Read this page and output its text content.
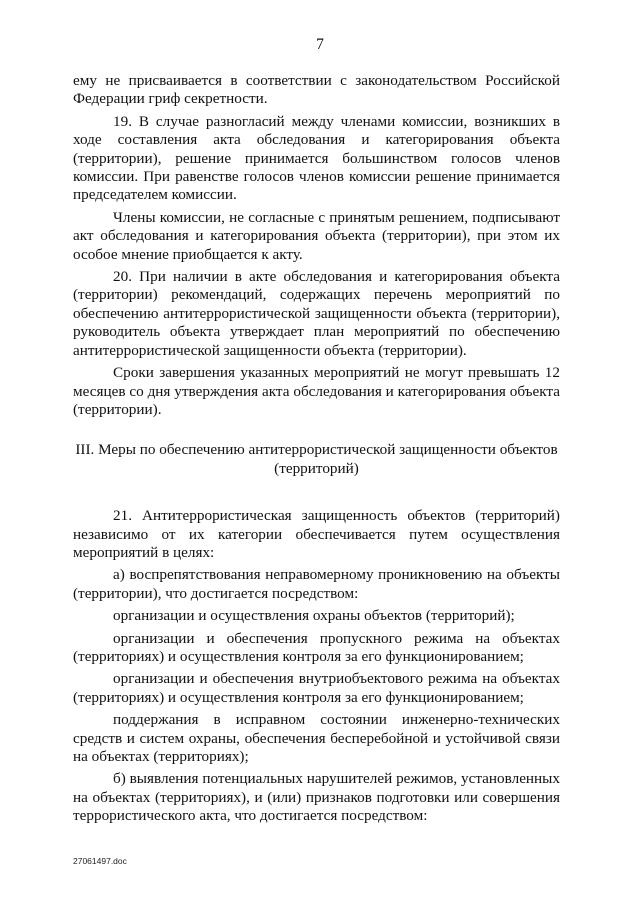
7

ему не присваивается в соответствии с законодательством Российской Федерации гриф секретности.

19. В случае разногласий между членами комиссии, возникших в ходе составления акта обследования и категорирования объекта (территории), решение принимается большинством голосов членов комиссии. При равенстве голосов членов комиссии решение принимается председателем комиссии.

Члены комиссии, не согласные с принятым решением, подписывают акт обследования и категорирования объекта (территории), при этом их особое мнение приобщается к акту.

20. При наличии в акте обследования и категорирования объекта (территории) рекомендаций, содержащих перечень мероприятий по обеспечению антитеррористической защищенности объекта (территории), руководитель объекта утверждает план мероприятий по обеспечению антитеррористической защищенности объекта (территории).

Сроки завершения указанных мероприятий не могут превышать 12 месяцев со дня утверждения акта обследования и категорирования объекта (территории).

III. Меры по обеспечению антитеррористической защищенности объектов
(территорий)

21. Антитеррористическая защищенность объектов (территорий) независимо от их категории обеспечивается путем осуществления мероприятий в целях:

а) воспрепятствования неправомерному проникновению на объекты (территории), что достигается посредством:

организации и осуществления охраны объектов (территорий);

организации и обеспечения пропускного режима на объектах (территориях) и осуществления контроля за его функционированием;

организации и обеспечения внутриобъектового режима на объектах (территориях) и осуществления контроля за его функционированием;

поддержания в исправном состоянии инженерно-технических средств и систем охраны, обеспечения бесперебойной и устойчивой связи на объектах (территориях);

б) выявления потенциальных нарушителей режимов, установленных на объектах (территориях), и (или) признаков подготовки или совершения террористического акта, что достигается посредством:

27061497.doc
